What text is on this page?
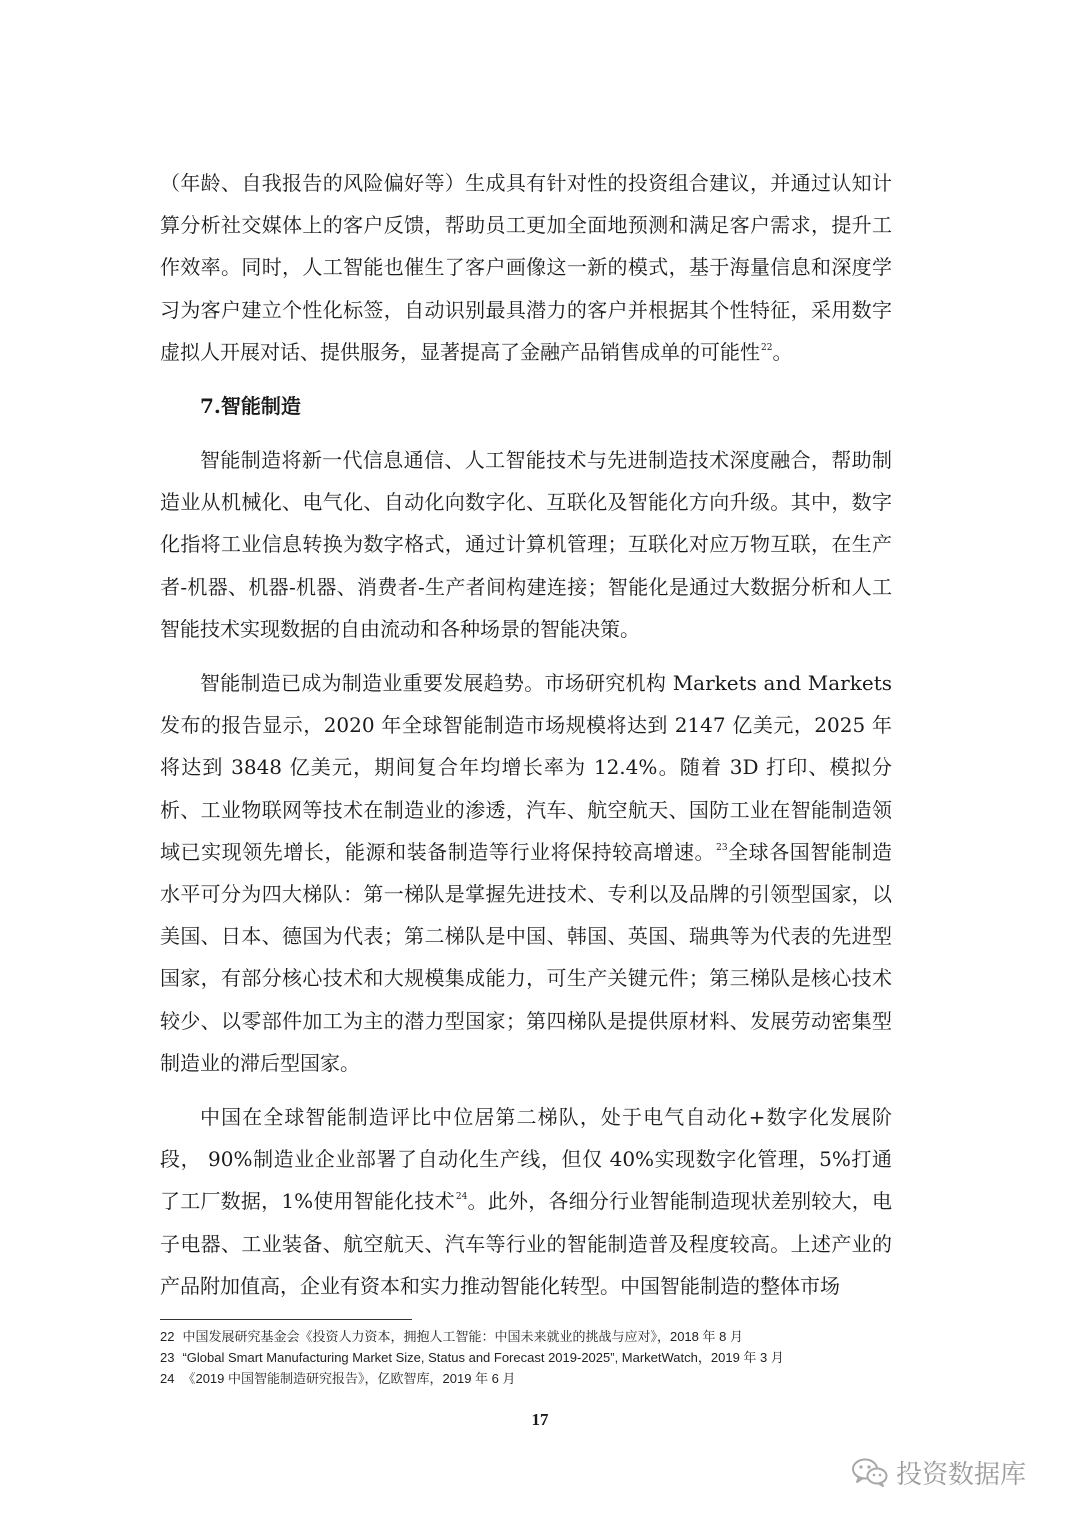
（年龄、自我报告的风险偏好等）生成具有针对性的投资组合建议，并通过认知计算分析社交媒体上的客户反馈，帮助员工更加全面地预测和满足客户需求，提升工作效率。同时，人工智能也催生了客户画像这一新的模式，基于海量信息和深度学习为客户建立个性化标签，自动识别最具潜力的客户并根据其个性特征，采用数字虚拟人开展对话、提供服务，显著提高了金融产品销售成单的可能性$^{22}$。

7.智能制造

智能制造将新一代信息通信、人工智能技术与先进制造技术深度融合，帮助制造业从机械化、电气化、自动化向数字化、互联化及智能化方向升级。其中，数字化指将工业信息转换为数字格式，通过计算机管理；互联化对应万物互联，在生产者-机器、机器-机器、消费者-生产者间构建连接；智能化是通过大数据分析和人工智能技术实现数据的自由流动和各种场景的智能决策。

智能制造已成为制造业重要发展趋势。市场研究机构 Markets and Markets 发布的报告显示，2020 年全球智能制造市场规模将达到 2147 亿美元，2025 年将达到 3848 亿美元，期间复合年均增长率为 12.4%。随着 3D 打印、模拟分析、工业物联网等技术在制造业的渗透，汽车、航空航天、国防工业在智能制造领域已实现领先增长，能源和装备制造等行业将保持较高增速。$^{23}$全球各国智能制造水平可分为四大梯队：第一梯队是掌握先进技术、专利以及品牌的引领型国家，以美国、日本、德国为代表；第二梯队是中国、韩国、英国、瑞典等为代表的先进型国家，有部分核心技术和大规模集成能力，可生产关键元件；第三梯队是核心技术较少、以零部件加工为主的潜力型国家；第四梯队是提供原材料、发展劳动密集型制造业的滞后型国家。

中国在全球智能制造评比中位居第二梯队，处于电气自动化+数字化发展阶段， 90%制造业企业部署了自动化生产线，但仅 40%实现数字化管理，5%打通了工厂数据，1%使用智能化技术$^{24}$。此外，各细分行业智能制造现状差别较大，电子电器、工业装备、航空航天、汽车等行业的智能制造普及程度较高。上述产业的产品附加值高，企业有资本和实力推动智能化转型。中国智能制造的整体市场

22 中国发展研究基金会《投资人力资本，拥抱人工智能：中国未来就业的挑战与应对》，2018 年 8 月
23 “Global Smart Manufacturing Market Size, Status and Forecast 2019-2025”, MarketWatch，2019 年 3 月
24 《2019 中国智能制造研究报告》，亿欧智库，2019 年 6 月
17
投资数据库
